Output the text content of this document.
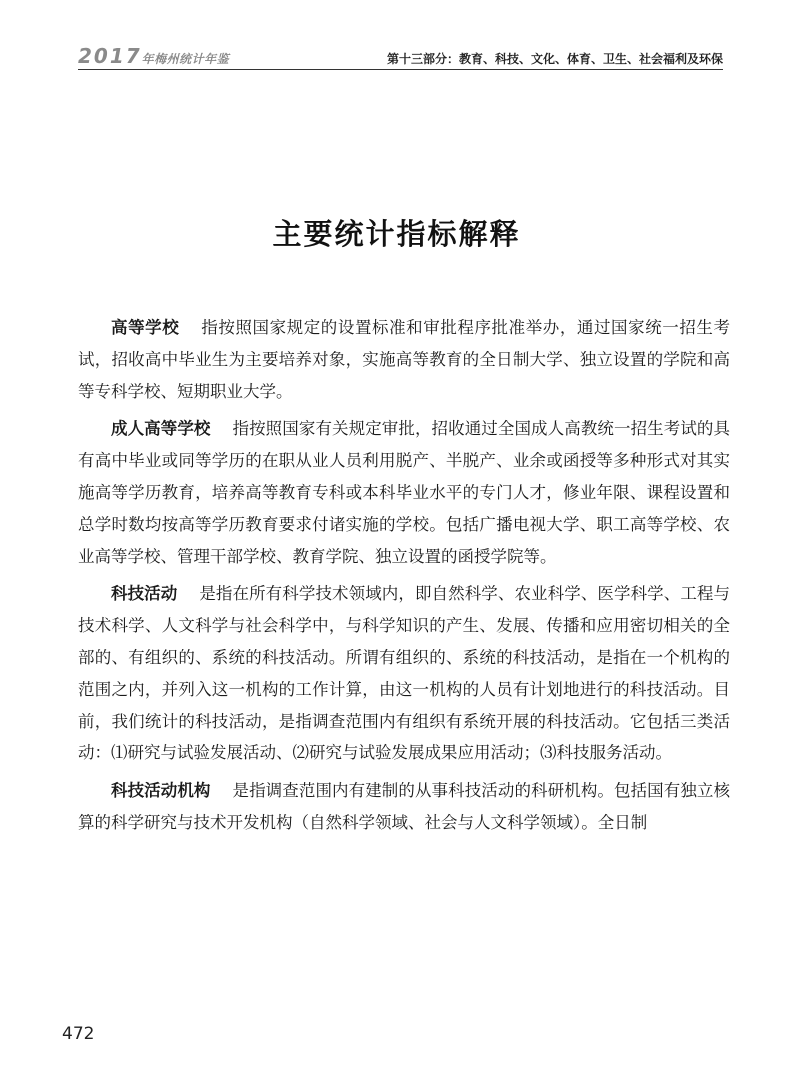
2017年梅州统计年鉴	第十三部分：教育、科技、文化、体育、卫生、社会福利及环保
主要统计指标解释

高等学校 指按照国家规定的设置标准和审批程序批准举办，通过国家统一招生考试，招收高中毕业生为主要培养对象，实施高等教育的全日制大学、独立设置的学院和高等专科学校、短期职业大学。

成人高等学校 指按照国家有关规定审批，招收通过全国成人高教统一招生考试的具有高中毕业或同等学历的在职从业人员利用脱产、半脱产、业余或函授等多种形式对其实施高等学历教育，培养高等教育专科或本科毕业水平的专门人才，修业年限、课程设置和总学时数均按高等学历教育要求付诸实施的学校。包括广播电视大学、职工高等学校、农业高等学校、管理干部学校、教育学院、独立设置的函授学院等。

科技活动 是指在所有科学技术领域内，即自然科学、农业科学、医学科学、工程与技术科学、人文科学与社会科学中，与科学知识的产生、发展、传播和应用密切相关的全部的、有组织的、系统的科技活动。所谓有组织的、系统的科技活动，是指在一个机构的范围之内，并列入这一机构的工作计算，由这一机构的人员有计划地进行的科技活动。目前，我们统计的科技活动，是指调查范围内有组织有系统开展的科技活动。它包括三类活动：⑴研究与试验发展活动、⑵研究与试验发展成果应用活动；⑶科技服务活动。

科技活动机构 是指调查范围内有建制的从事科技活动的科研机构。包括国有独立核算的科学研究与技术开发机构（自然科学领域、社会与人文科学领域）。全日制

472
